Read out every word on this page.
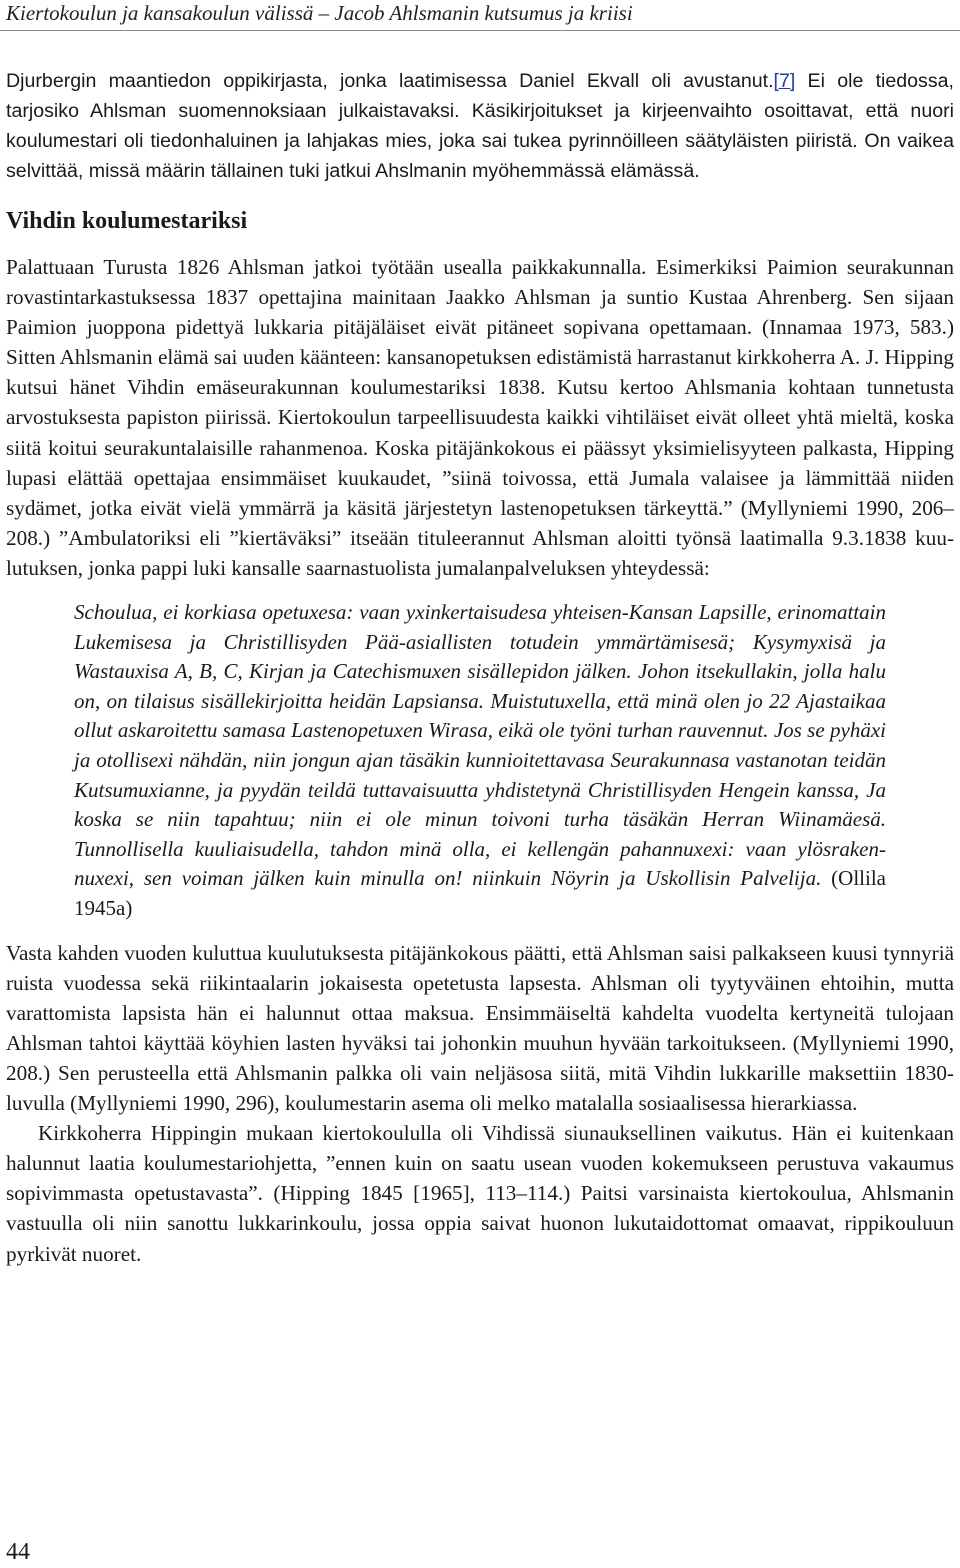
Kiertokoulun ja kansakoulun välissä – Jacob Ahlsmanin kutsumus ja kriisi

Djurbergin maantiedon oppikirjasta, jonka laatimisessa Daniel Ekvall oli avustanut.[7] Ei ole tiedossa, tarjosiko Ahlsman suomennoksiaan julkaistavaksi. Käsikirjoitukset ja kirjeenvaihto osoittavat, että nuori koulumestari oli tiedonhaluinen ja lahjakas mies, joka sai tukea pyrinnöilleen säätyläisten piiristä. On vaikea selvittää, missä määrin tällainen tuki jatkui Ahslmanin myöhemmässä elämässä.

Vihdin koulumestariksi

Palattuaan Turusta 1826 Ahlsman jatkoi työtään usealla paikkakunnalla. Esimerkiksi Paimion seurakunnan rovastintarkastuksessa 1837 opettajina mainitaan Jaakko Ahlsman ja suntio Kustaa Ahrenberg. Sen sijaan Paimion juoppona pidettyä lukkaria pitäjäläiset eivät pitäneet sopivana opettamaan. (Innamaa 1973, 583.) Sitten Ahlsmanin elämä sai uuden käänteen: kansanopetuksen edistämistä harrastanut kirkkoherra A. J. Hipping kutsui hänet Vihdin emäseurakunnan koulumestariksi 1838. Kutsu kertoo Ahlsmania kohtaan tunnetusta arvostuksesta papiston piirissä. Kiertokoulun tarpeellisuudesta kaikki vihtiläiset eivät olleet yhtä mieltä, koska siitä koitui seurakuntalaisille rahanmenoa. Koska pitäjänkokous ei päässyt yksimielisyyteen palkasta, Hipping lupasi elättää opettajaa ensimmäiset kuukaudet, ”siinä toivossa, että Jumala valaisee ja lämmittää niiden sydämet, jotka eivät vielä ymmärrä ja käsitä järjestetyn lastenopetuksen tärkeyttä.” (Myllyniemi 1990, 206–208.) ”Ambulatoriksi eli ”kiertäväksi” itseään tituleerannut Ahlsman aloitti työnsä laatimalla 9.3.1838 kuulutuksen, jonka pappi luki kansalle saarnastuolista jumalanpalveluksen yhteydessä:

Schoulua, ei korkiasa opetuxesa: vaan yxinkertaisudesa yhteisen-Kansan Lapsille, erinomattain Lukemisesa ja Christillisyden Pää-asiallisten totudein ymmärtämisesä; Kysymyxisä ja Wastauxisa A, B, C, Kirjan ja Catechismuxen sisällepidon jälken. Johon itsekullakin, jolla halu on, on tilaisus sisällekirjoitta heidän Lapsiansa. Muistutuxella, että minä olen jo 22 Ajastaikaa ollut askaroitettu samasa Lastenopetuxen Wirasa, eikä ole työni turhan rauvennut. Jos se pyhäxi ja otollisexi nähdän, niin jongun ajan täsäkin kunnioitettavasa Seurakunnasa vastanotan teidän Kutsumuxianne, ja pyydän teildä tuttavaisuutta yhdistetynä Christillisyden Hengein kanssa, Ja koska se niin tapahtuu; niin ei ole minun toivoni turha täsäkän Herran Wiinamäesä. Tunnollisella kuuliaisudella, tahdon minä olla, ei kellengän pahannuxexi: vaan ylösrakennuxexi, sen voiman jälken kuin minulla on! niinkuin Nöyrin ja Uskollisin Palvelija. (Ollila 1945a)

Vasta kahden vuoden kuluttua kuulutuksesta pitäjänkokous päätti, että Ahlsman saisi palkakseen kuusi tynnyriä ruista vuodessa sekä riikintaalarin jokaisesta opetetusta lapsesta. Ahlsman oli tyytyväinen ehtoihin, mutta varattomista lapsista hän ei halunnut ottaa maksua. Ensimmäiseltä kahdelta vuodelta kertyneitä tulojaan Ahlsman tahtoi käyttää köyhien lasten hyväksi tai johonkin muuhun hyvään tarkoitukseen. (Myllyniemi 1990, 208.) Sen perusteella että Ahlsmanin palkka oli vain neljäsosa siitä, mitä Vihdin lukkarille maksettiin 1830-luvulla (Myllyniemi 1990, 296), koulumestarin asema oli melko matalalla sosiaalisessa hierarkiassa.

Kirkkoherra Hippingin mukaan kiertokoululla oli Vihdissä siunauksellinen vaikutus. Hän ei kuitenkaan halunnut laatia koulumestariohjetta, ”ennen kuin on saatu usean vuoden kokemukseen perustuva vakaumus sopivimmasta opetustavasta”. (Hipping 1845 [1965], 113–114.) Paitsi varsinaista kiertokoulua, Ahlsmanin vastuulla oli niin sanottu lukkarinkoulu, jossa oppia saivat huonon lukutaidottomat omaavat, rippikouluun pyrkivät nuoret.

44
